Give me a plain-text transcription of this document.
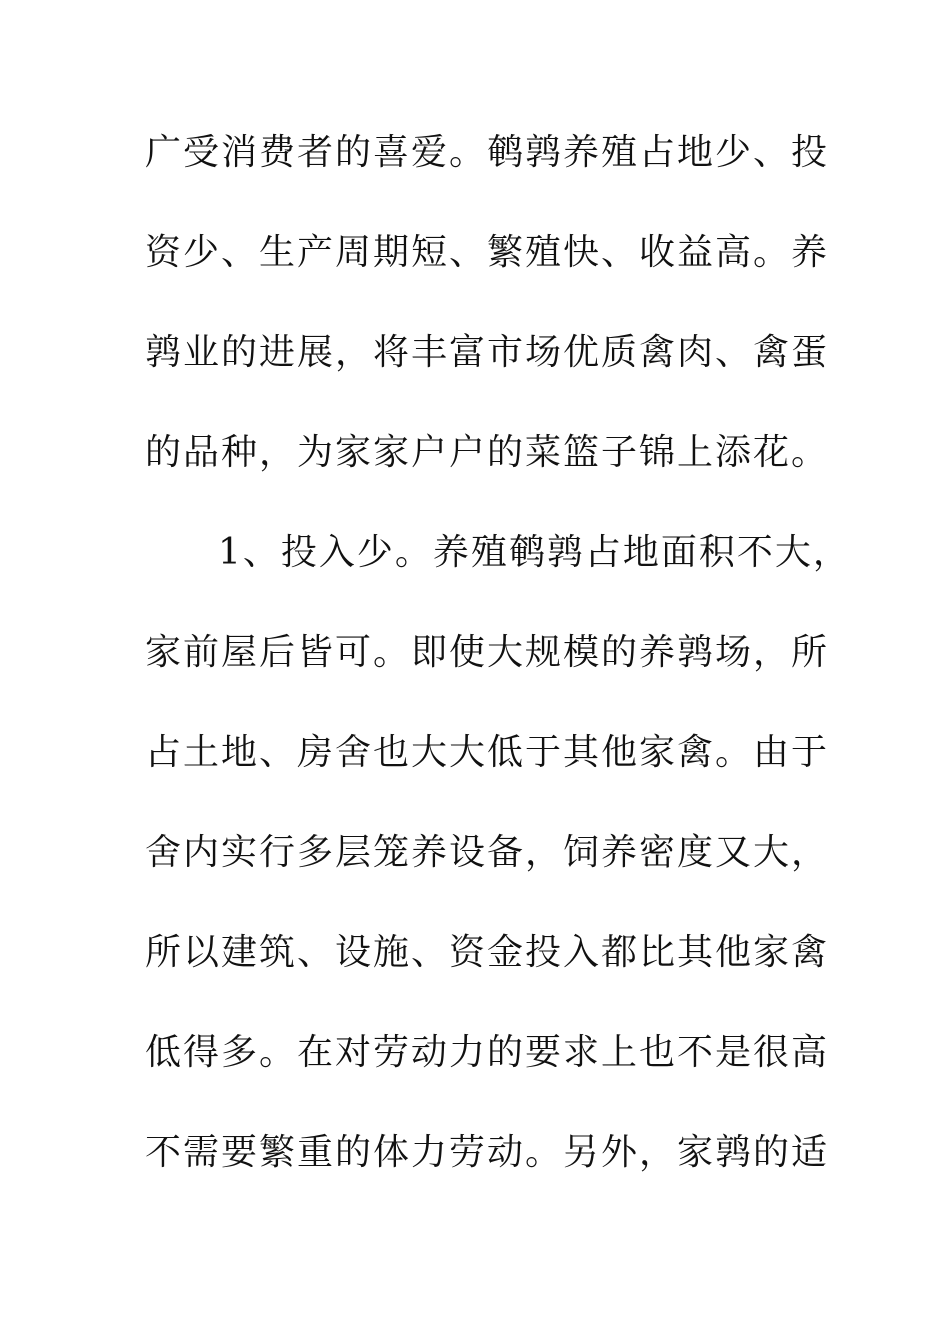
广受消费者的喜爱。鹌鹑养殖占地少、投
资少、生产周期短、繁殖快、收益高。养
鹑业的进展，将丰富市场优质禽肉、禽蛋
的品种，为家家户户的菜篮子锦上添花。
1、投入少。养殖鹌鹑占地面积不大，
家前屋后皆可。即使大规模的养鹑场，所
占土地、房舍也大大低于其他家禽。由于
舍内实行多层笼养设备，饲养密度又大，
所以建筑、设施、资金投入都比其他家禽
低得多。在对劳动力的要求上也不是很高
不需要繁重的体力劳动。另外，家鹑的适
